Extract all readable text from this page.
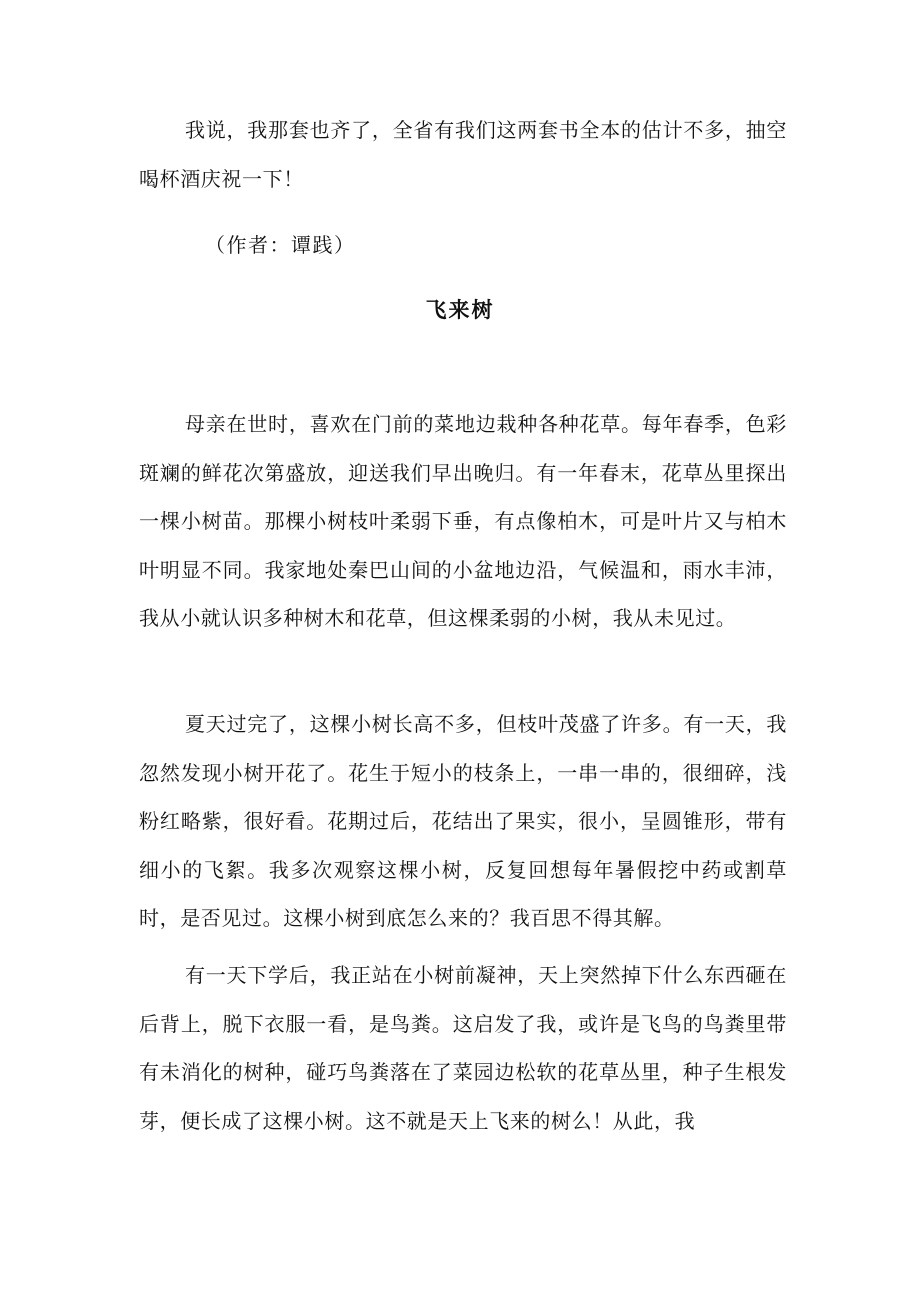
我说，我那套也齐了，全省有我们这两套书全本的估计不多，抽空喝杯酒庆祝一下！

（作者：谭践）

飞来树

母亲在世时，喜欢在门前的菜地边栽种各种花草。每年春季，色彩斑斓的鲜花次第盛放，迎送我们早出晚归。有一年春末，花草丛里探出一棵小树苗。那棵小树枝叶柔弱下垂，有点像柏木，可是叶片又与柏木叶明显不同。我家地处秦巴山间的小盆地边沿，气候温和，雨水丰沛，我从小就认识多种树木和花草，但这棵柔弱的小树，我从未见过。

夏天过完了，这棵小树长高不多，但枝叶茂盛了许多。有一天，我忽然发现小树开花了。花生于短小的枝条上，一串一串的，很细碎，浅粉红略紫，很好看。花期过后，花结出了果实，很小，呈圆锥形，带有细小的飞絮。我多次观察这棵小树，反复回想每年暑假挖中药或割草时，是否见过。这棵小树到底怎么来的？我百思不得其解。

有一天下学后，我正站在小树前凝神，天上突然掉下什么东西砸在后背上，脱下衣服一看，是鸟粪。这启发了我，或许是飞鸟的鸟粪里带有未消化的树种，碰巧鸟粪落在了菜园边松软的花草丛里，种子生根发芽，便长成了这棵小树。这不就是天上飞来的树么！从此，我
